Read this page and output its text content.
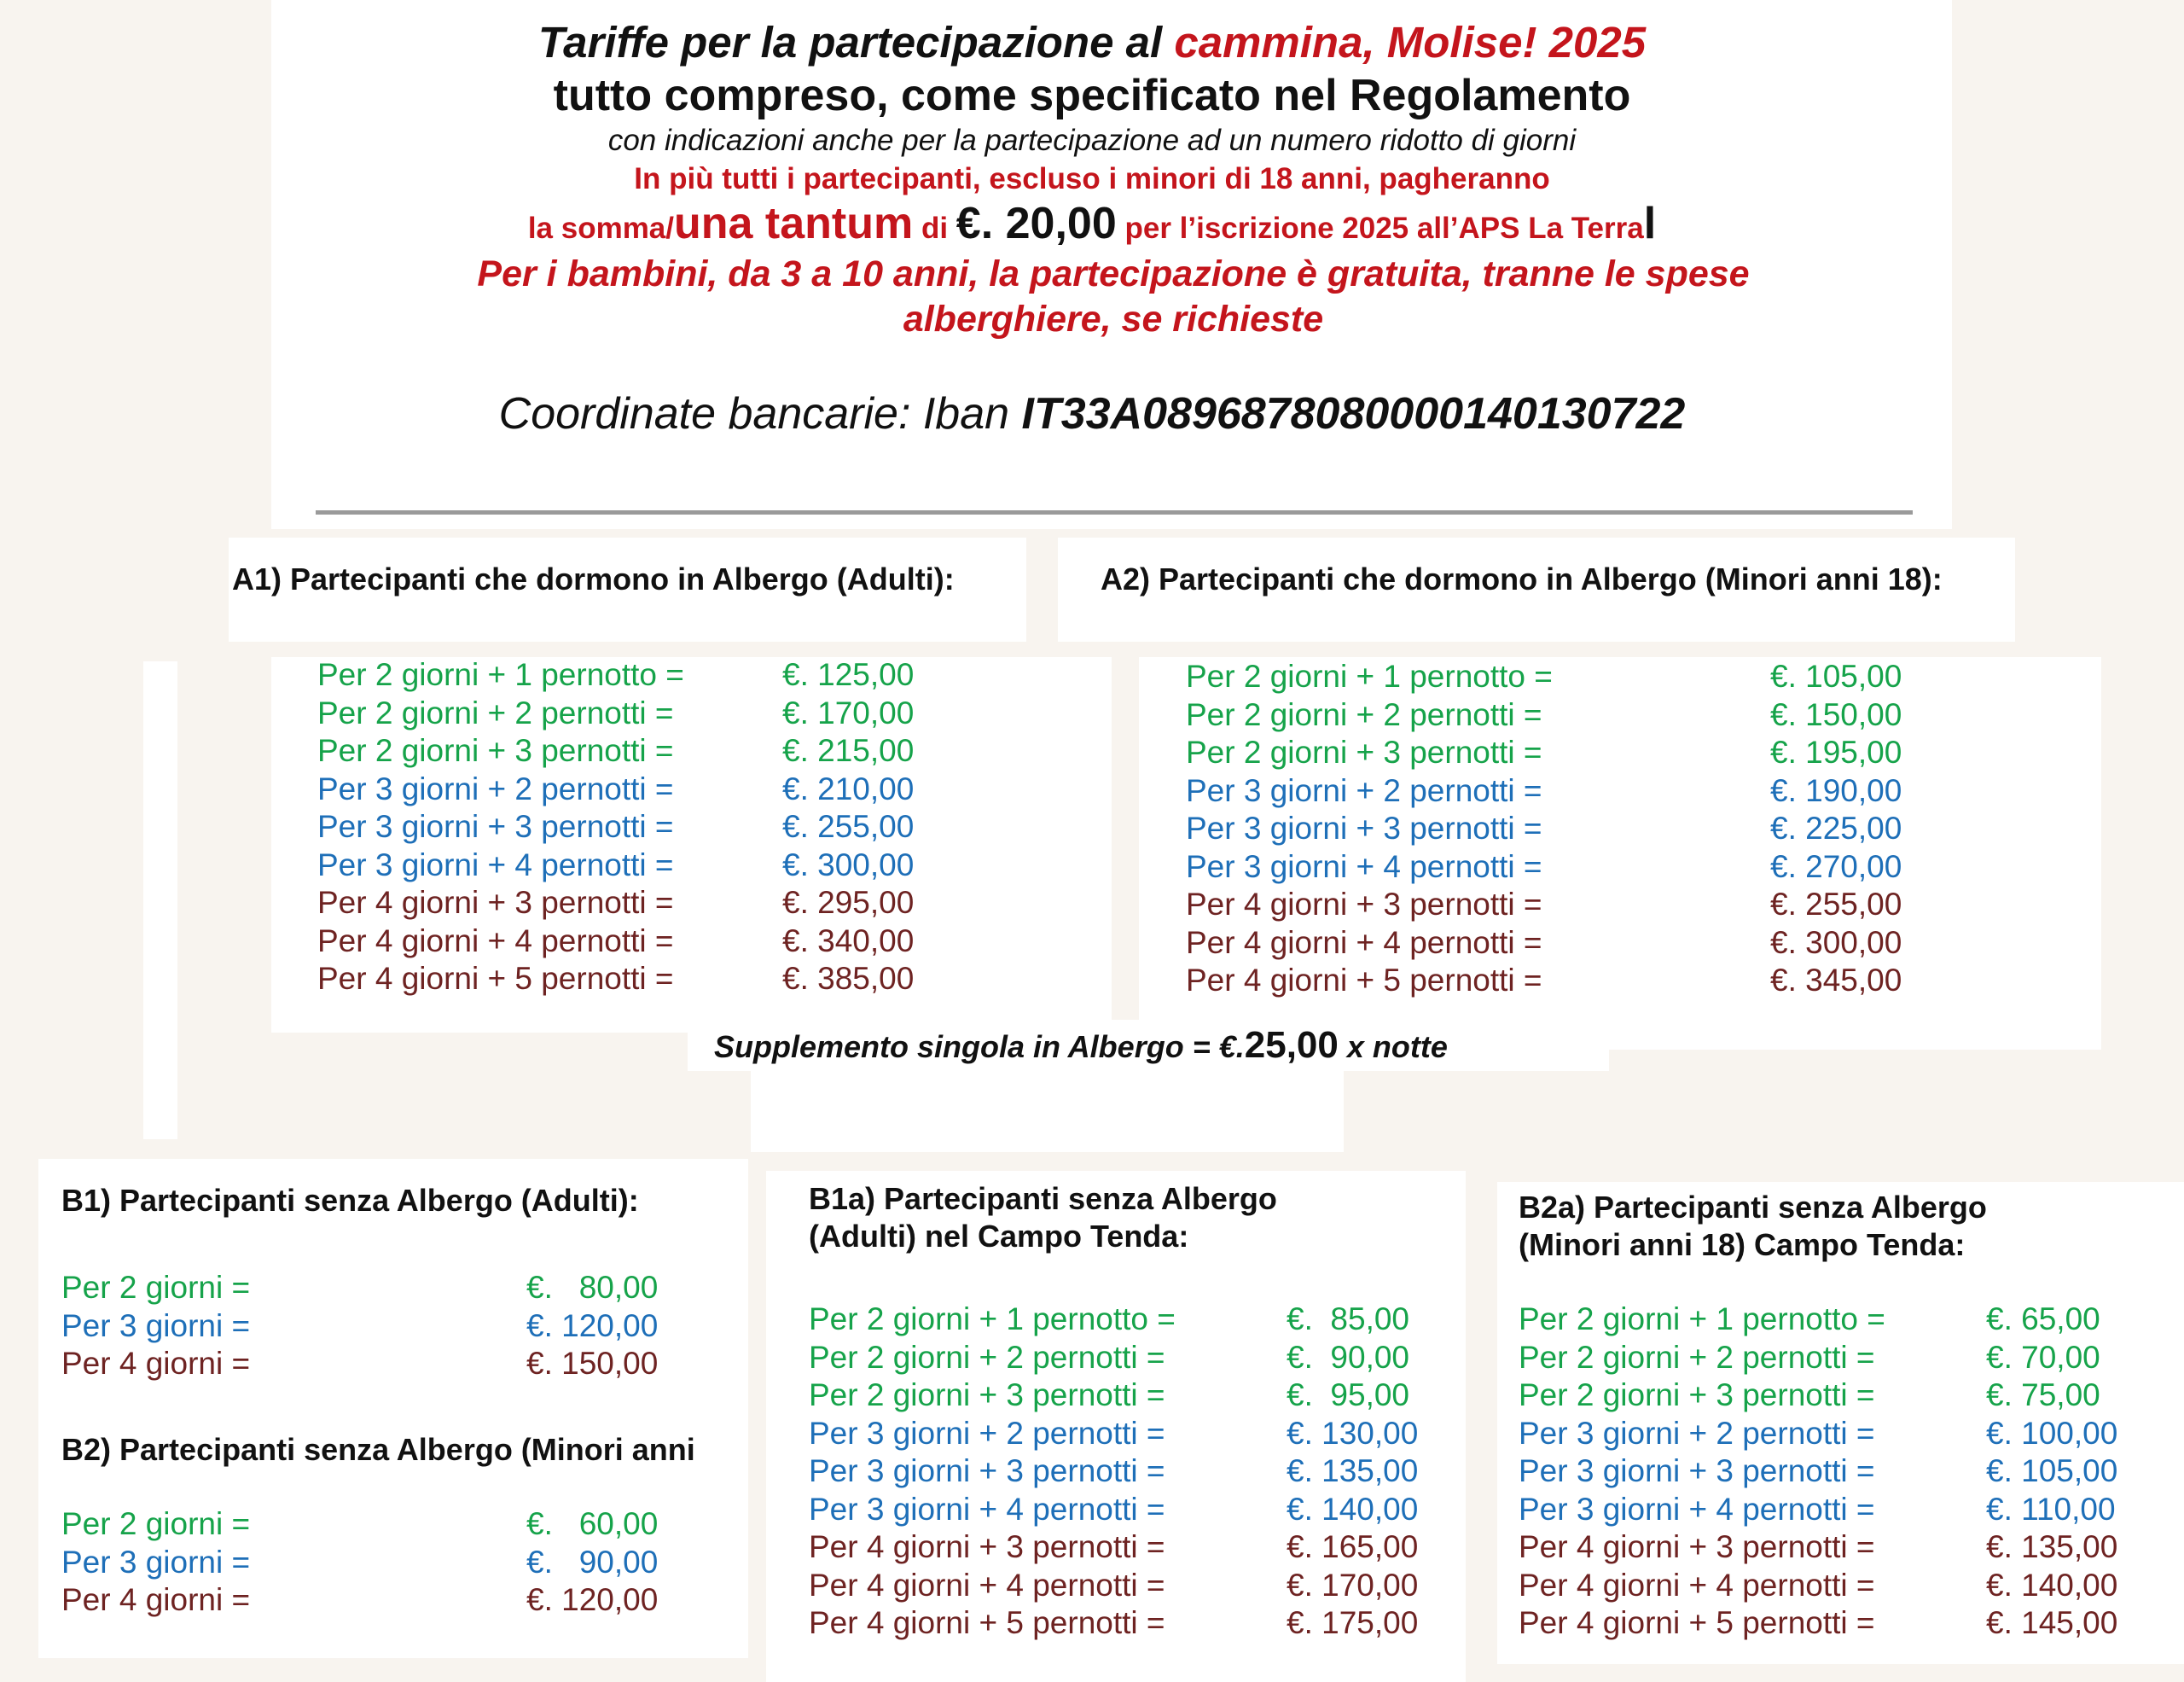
Tariffe per la partecipazione al cammina, Molise! 2025
tutto compreso, come specificato nel Regolamento
con indicazioni anche per la partecipazione ad un numero ridotto di giorni
In più tutti i partecipanti, escluso i minori di 18 anni, pagheranno
la somma/una tantum di €. 20,00 per l’iscrizione 2025 all’APS La Terral
Per i bambini, da 3 a 10 anni, la partecipazione è gratuita, tranne le spese alberghiere, se richieste
Coordinate bancarie: Iban IT33A0896878080000140130722
A1) Partecipanti che dormono in Albergo (Adulti):
Per 2 giorni + 1 pernotto =	€. 125,00
Per 2 giorni + 2 pernotti =	€. 170,00
Per 2 giorni + 3 pernotti =	€. 215,00
Per 3 giorni + 2 pernotti =	€. 210,00
Per 3 giorni + 3 pernotti =	€. 255,00
Per 3 giorni + 4 pernotti =	€. 300,00
Per 4 giorni + 3 pernotti =	€. 295,00
Per 4 giorni + 4 pernotti =	€. 340,00
Per 4 giorni + 5 pernotti =	€. 385,00
A2) Partecipanti che dormono in Albergo (Minori anni 18):
Per 2 giorni + 1 pernotto =	€. 105,00
Per 2 giorni + 2 pernotti =	€. 150,00
Per 2 giorni + 3 pernotti =	€. 195,00
Per 3 giorni + 2 pernotti =	€. 190,00
Per 3 giorni + 3 pernotti =	€. 225,00
Per 3 giorni + 4 pernotti =	€. 270,00
Per 4 giorni + 3 pernotti =	€. 255,00
Per 4 giorni + 4 pernotti =	€. 300,00
Per 4 giorni + 5 pernotti =	€. 345,00
Supplemento singola in Albergo = €.25,00 x notte
B1) Partecipanti senza Albergo (Adulti):
Per 2 giorni =	€.   80,00
Per 3 giorni =	€. 120,00
Per 4 giorni =	€. 150,00
B2) Partecipanti senza Albergo (Minori anni
Per 2 giorni =	€.   60,00
Per 3 giorni =	€.   90,00
Per 4 giorni =	€. 120,00
B1a) Partecipanti senza Albergo
(Adulti) nel Campo Tenda:
Per 2 giorni + 1 pernotto =	€.  85,00
Per 2 giorni + 2 pernotti =	€.  90,00
Per 2 giorni + 3 pernotti =	€.  95,00
Per 3 giorni + 2 pernotti =	€. 130,00
Per 3 giorni + 3 pernotti =	€. 135,00
Per 3 giorni + 4 pernotti =	€. 140,00
Per 4 giorni + 3 pernotti =	€. 165,00
Per 4 giorni + 4 pernotti =	€. 170,00
Per 4 giorni + 5 pernotti =	€. 175,00
B2a) Partecipanti senza Albergo
(Minori anni 18) Campo Tenda:
Per 2 giorni + 1 pernotto =	€. 65,00
Per 2 giorni + 2 pernotti =	€. 70,00
Per 2 giorni + 3 pernotti =	€. 75,00
Per 3 giorni + 2 pernotti =	€. 100,00
Per 3 giorni + 3 pernotti =	€. 105,00
Per 3 giorni + 4 pernotti =	€. 110,00
Per 4 giorni + 3 pernotti =	€. 135,00
Per 4 giorni + 4 pernotti =	€. 140,00
Per 4 giorni + 5 pernotti =	€. 145,00
